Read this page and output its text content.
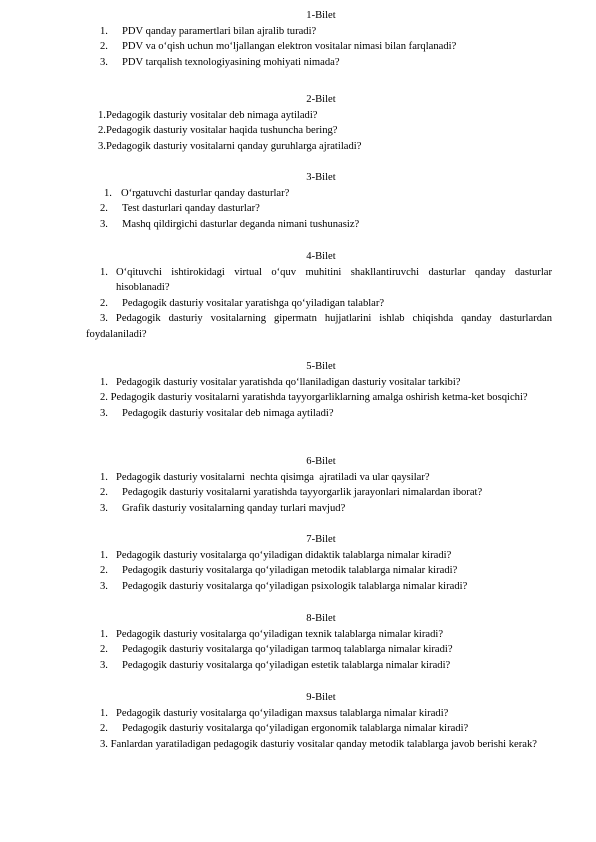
1-Bilet
1. PDV qanday paramertlari bilan ajralib turadi?
2. PDV va o‘qish uchun mo‘ljallangan elektron vositalar nimasi bilan farqlanadi?
3. PDV tarqalish texnologiyasining mohiyati nimada?
2-Bilet
1.Pedagogik dasturiy vositalar deb nimaga aytiladi?
2.Pedagogik dasturiy vositalar haqida tushuncha bering?
3.Pedagogik dasturiy vositalarni qanday guruhlarga ajratiladi?
3-Bilet
1. O‘rgatuvchi dasturlar qanday dasturlar?
2. Test dasturlari qanday dasturlar?
3. Mashq qildirgichi dasturlar deganda nimani tushunasiz?
4-Bilet
1. O‘qituvchi ishtirokidagi virtual o‘quv muhitini shakllantiruvchi dasturlar qanday dasturlar hisoblanadi?
2. Pedagogik dasturiy vositalar yaratishga qo‘yiladigan talablar?
3. Pedagogik dasturiy vositalarning gipermatn hujjatlarini ishlab chiqishda qanday dasturlardan foydalaniladi?
5-Bilet
1. Pedagogik dasturiy vositalar yaratishda qo‘llaniladigan dasturiy vositalar tarkibi?
2. Pedagogik dasturiy vositalarni yaratishda tayyorgarliklarning amalga oshirish ketma-ket bosqichi?
3. Pedagogik dasturiy vositalar deb nimaga aytiladi?
6-Bilet
1. Pedagogik dasturiy vositalarni  nechta qisimga  ajratiladi va ular qaysilar?
2. Pedagogik dasturiy vositalarni yaratishda tayyorgarlik jarayonlari nimalardan iborat?
3. Grafik dasturiy vositalarning qanday turlari mavjud?
7-Bilet
1. Pedagogik dasturiy vositalarga qo‘yiladigan didaktik talablarga nimalar kiradi?
2. Pedagogik dasturiy vositalarga qo‘yiladigan metodik talablarga nimalar kiradi?
3. Pedagogik dasturiy vositalarga qo‘yiladigan psixologik talablarga nimalar kiradi?
8-Bilet
1. Pedagogik dasturiy vositalarga qo‘yiladigan texnik talablarga nimalar kiradi?
2. Pedagogik dasturiy vositalarga qo‘yiladigan tarmoq talablarga nimalar kiradi?
3. Pedagogik dasturiy vositalarga qo‘yiladigan estetik talablarga nimalar kiradi?
9-Bilet
1. Pedagogik dasturiy vositalarga qo‘yiladigan maxsus talablarga nimalar kiradi?
2. Pedagogik dasturiy vositalarga qo‘yiladigan ergonomik talablarga nimalar kiradi?
3. Fanlardan yaratiladigan pedagogik dasturiy vositalar qanday metodik talablarga javob berishi kerak?
